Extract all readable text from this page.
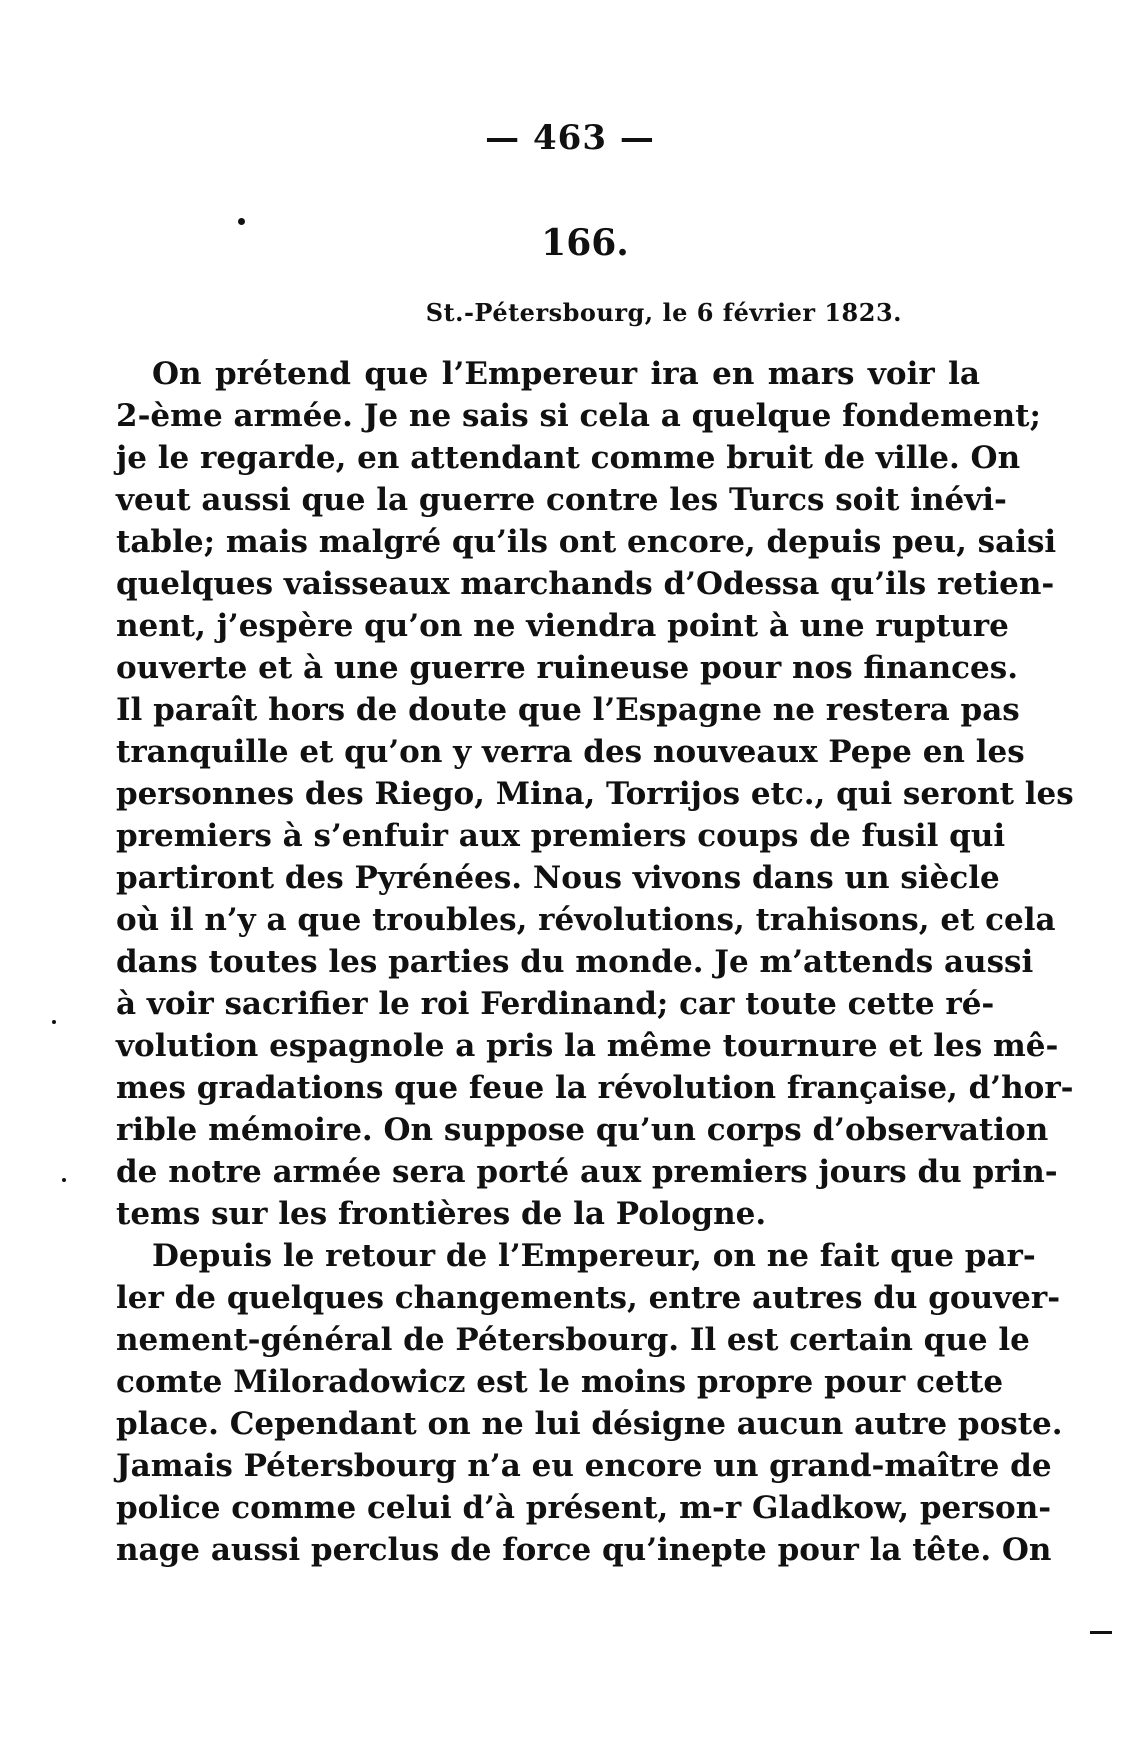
— 463 —
166.
St.-Pétersbourg, le 6 février 1823.
On prétend que l’Empereur ira en mars voir la
2-ème armée. Je ne sais si cela a quelque fondement;
je le regarde, en attendant comme bruit de ville. On
veut aussi que la guerre contre les Turcs soit inévi-
table; mais malgré qu’ils ont encore, depuis peu, saisi
quelques vaisseaux marchands d’Odessa qu’ils retien-
nent, j’espère qu’on ne viendra point à une rupture
ouverte et à une guerre ruineuse pour nos finances.
Il paraît hors de doute que l’Espagne ne restera pas
tranquille et qu’on y verra des nouveaux Pepe en les
personnes des Riego, Mina, Torrijos etc., qui seront les
premiers à s’enfuir aux premiers coups de fusil qui
partiront des Pyrénées. Nous vivons dans un siècle
où il n’y a que troubles, révolutions, trahisons, et cela
dans toutes les parties du monde. Je m’attends aussi
à voir sacrifier le roi Ferdinand; car toute cette ré-
volution espagnole a pris la même tournure et les mê-
mes gradations que feue la révolution française, d’hor-
rible mémoire. On suppose qu’un corps d’observation
de notre armée sera porté aux premiers jours du prin-
tems sur les frontières de la Pologne.
Depuis le retour de l’Empereur, on ne fait que par-
ler de quelques changements, entre autres du gouver-
nement-général de Pétersbourg. Il est certain que le
comte Miloradowicz est le moins propre pour cette
place. Cependant on ne lui désigne aucun autre poste.
Jamais Pétersbourg n’a eu encore un grand-maître de
police comme celui d’à présent, m-r Gladkow, person-
nage aussi perclus de force qu’inepte pour la tête. On
